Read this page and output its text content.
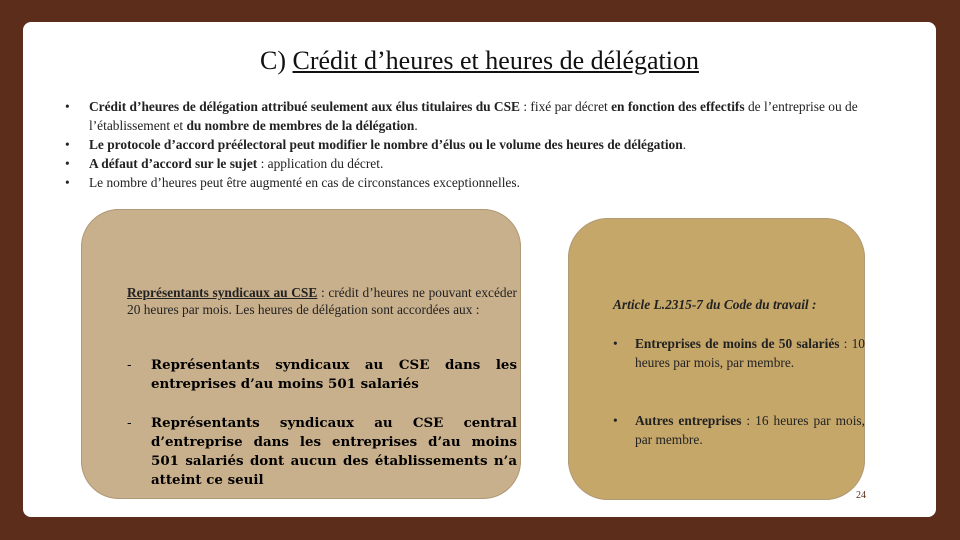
C) Crédit d’heures et heures de délégation
• Crédit d’heures de délégation attribué seulement aux élus titulaires du CSE : fixé par décret en fonction des effectifs de l’entreprise ou de l’établissement et du nombre de membres de la délégation.
• Le protocole d’accord préélectoral peut modifier le nombre d’élus ou le volume des heures de délégation.
• A défaut d’accord sur le sujet : application du décret.
• Le nombre d’heures peut être augmenté en cas de circonstances exceptionnelles.
Représentants syndicaux au CSE : crédit d’heures ne pouvant excéder 20 heures par mois. Les heures de délégation sont accordées aux :
-	Représentants syndicaux au CSE dans les entreprises d’au moins 501 salariés
-	Représentants syndicaux au CSE central d’entreprise dans les entreprises d’au moins 501 salariés dont aucun des établissements n’a atteint ce seuil
Article L.2315-7 du Code du travail :
•	Entreprises de moins de 50 salariés : 10 heures par mois, par membre.
•	Autres entreprises : 16 heures par mois, par membre.
24
